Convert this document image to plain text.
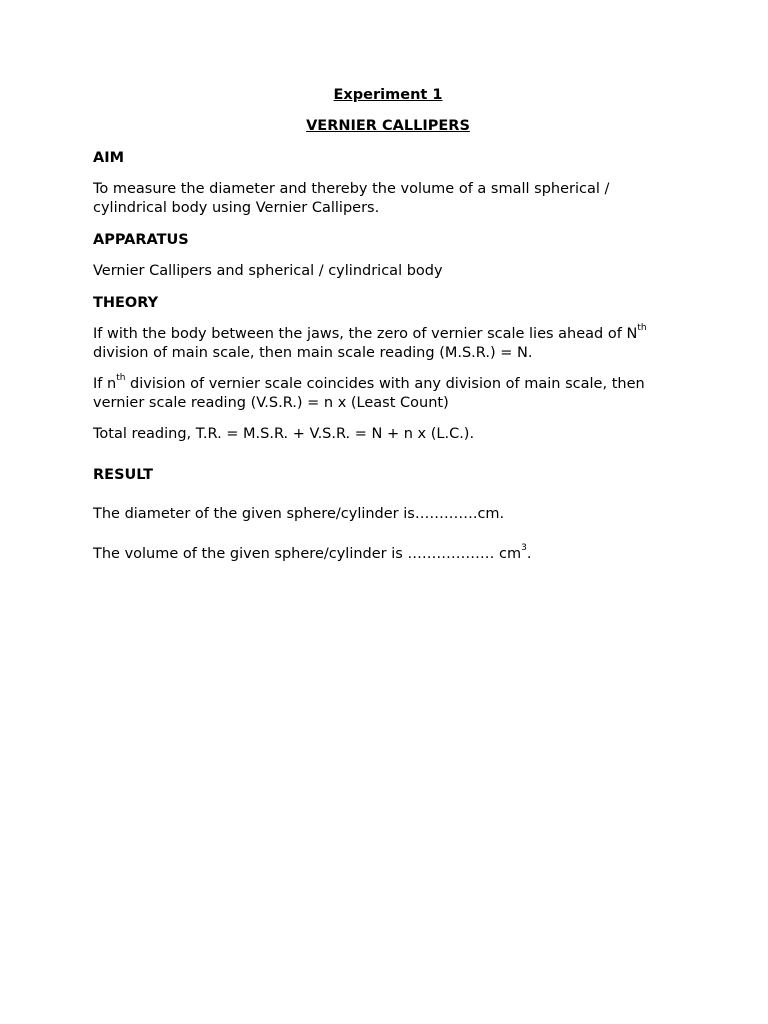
Experiment 1
VERNIER CALLIPERS
AIM

To measure the diameter and thereby the volume of a small spherical / cylindrical body using Vernier Callipers.

APPARATUS

Vernier Callipers and spherical / cylindrical body

THEORY

If with the body between the jaws, the zero of vernier scale lies ahead of $N^{th}$ division of main scale, then main scale reading (M.S.R.) = N.

If $n^{th}$ division of vernier scale coincides with any division of main scale, then vernier scale reading (V.S.R.) = n x (Least Count)

Total reading, T.R. = M.S.R. + V.S.R. = N + n x (L.C.).

RESULT

The diameter of the given sphere/cylinder is………….cm.

The volume of the given sphere/cylinder is ……………… $cm^3$.
